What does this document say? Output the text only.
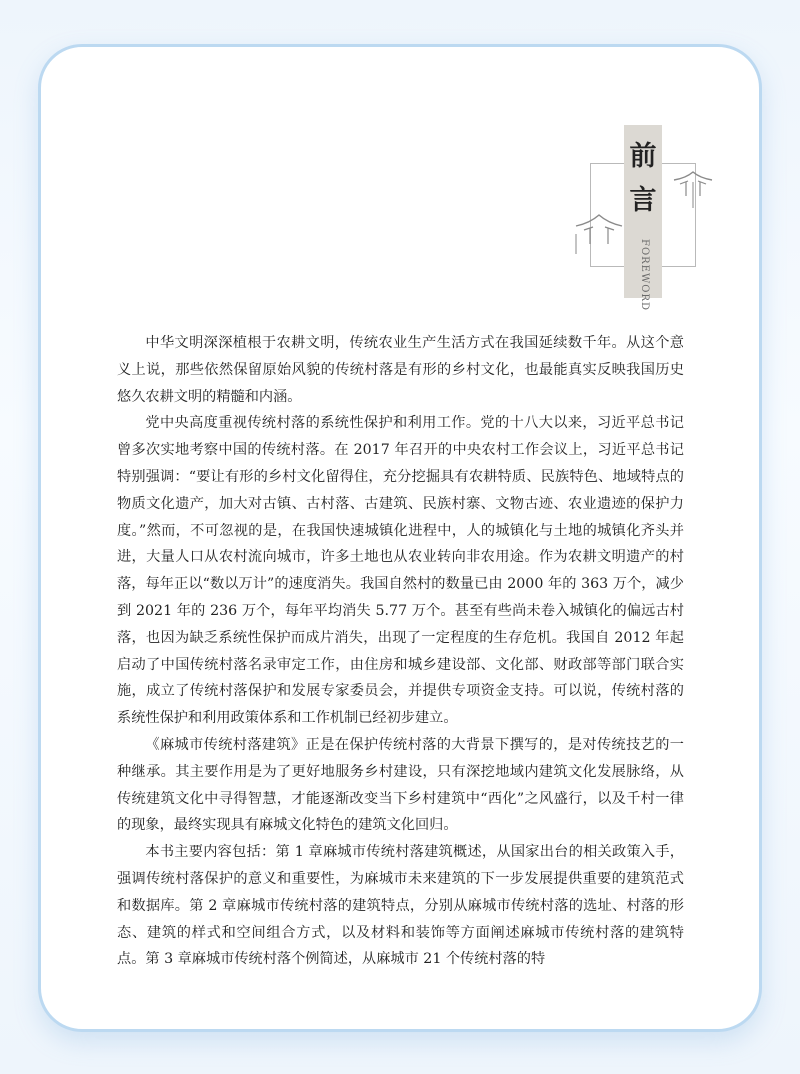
前
言
FOREWORD

中华文明深深植根于农耕文明，传统农业生产生活方式在我国延续数千年。从这个意义上说，那些依然保留原始风貌的传统村落是有形的乡村文化，也最能真实反映我国历史悠久农耕文明的精髓和内涵。

党中央高度重视传统村落的系统性保护和利用工作。党的十八大以来，习近平总书记曾多次实地考察中国的传统村落。在 2017 年召开的中央农村工作会议上，习近平总书记特别强调：“要让有形的乡村文化留得住，充分挖掘具有农耕特质、民族特色、地域特点的物质文化遗产，加大对古镇、古村落、古建筑、民族村寨、文物古迹、农业遗迹的保护力度。”然而，不可忽视的是，在我国快速城镇化进程中，人的城镇化与土地的城镇化齐头并进，大量人口从农村流向城市，许多土地也从农业转向非农用途。作为农耕文明遗产的村落，每年正以“数以万计”的速度消失。我国自然村的数量已由 2000 年的 363 万个，减少到 2021 年的 236 万个，每年平均消失 5.77 万个。甚至有些尚未卷入城镇化的偏远古村落，也因为缺乏系统性保护而成片消失，出现了一定程度的生存危机。我国自 2012 年起启动了中国传统村落名录审定工作，由住房和城乡建设部、文化部、财政部等部门联合实施，成立了传统村落保护和发展专家委员会，并提供专项资金支持。可以说，传统村落的系统性保护和利用政策体系和工作机制已经初步建立。

《麻城市传统村落建筑》正是在保护传统村落的大背景下撰写的，是对传统技艺的一种继承。其主要作用是为了更好地服务乡村建设，只有深挖地域内建筑文化发展脉络，从传统建筑文化中寻得智慧，才能逐渐改变当下乡村建筑中“西化”之风盛行，以及千村一律的现象，最终实现具有麻城文化特色的建筑文化回归。

本书主要内容包括：第 1 章麻城市传统村落建筑概述，从国家出台的相关政策入手，强调传统村落保护的意义和重要性，为麻城市未来建筑的下一步发展提供重要的建筑范式和数据库。第 2 章麻城市传统村落的建筑特点，分别从麻城市传统村落的选址、村落的形态、建筑的样式和空间组合方式，以及材料和装饰等方面阐述麻城市传统村落的建筑特点。第 3 章麻城市传统村落个例简述，从麻城市 21 个传统村落的特
